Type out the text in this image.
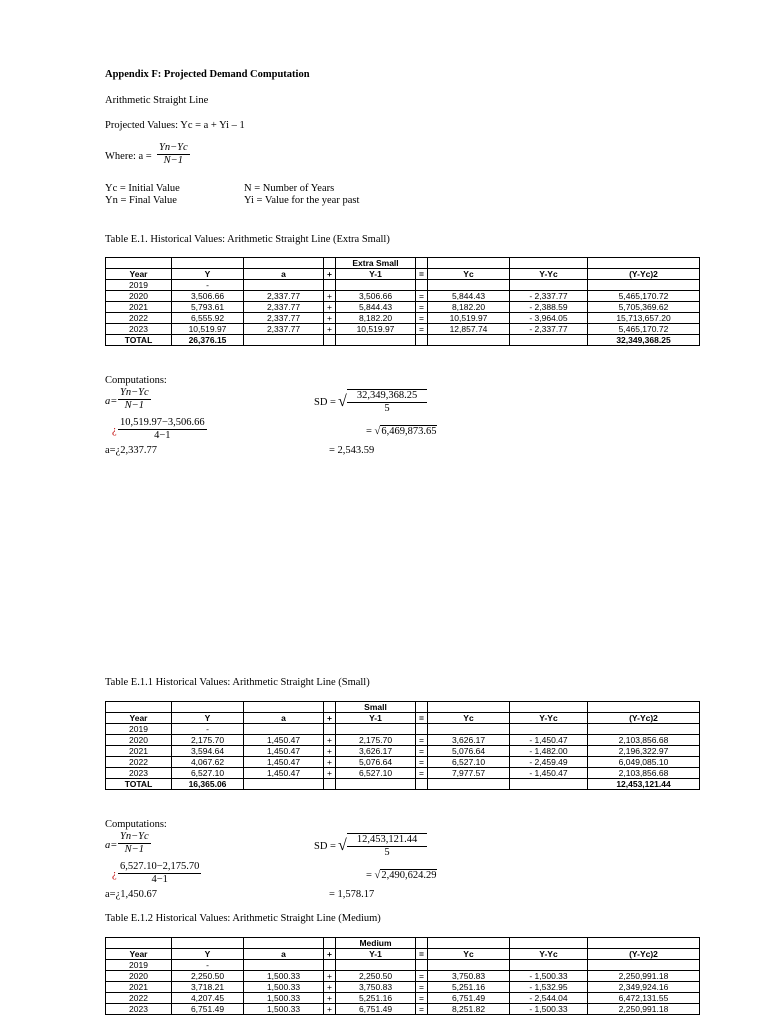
Appendix F: Projected Demand Computation
Arithmetic Straight Line
Projected Values: Yc = a + Yi – 1
Where: $a = \frac{Yn-Yc}{N-1}$
Yc = Initial Value
Yn = Final Value
N = Number of Years
Yi = Value for the year past
Table E.1. Historical Values: Arithmetic Straight Line (Extra Small)
				Extra Small				
Year	Y	a	+	Y-1	=	Yc	Y-Yc	(Y-Yc)2
2019	-							
2020	3,506.66	2,337.77	+	3,506.66	=	5,844.43	- 2,337.77	5,465,170.72
2021	5,793.61	2,337.77	+	5,844.43	=	8,182.20	- 2,388.59	5,705,369.62
2022	6,555.92	2,337.77	+	8,182.20	=	10,519.97	- 3,964.05	15,713,657.20
2023	10,519.97	2,337.77	+	10,519.97	=	12,857.74	- 2,337.77	5,465,170.72
TOTAL	26,376.15							32,349,368.25
Computations:
$a= \frac{Yn-Yc}{N-1}$
¿ $\frac{10,519.97-3,506.66}{4-1}$
a=¿2,337.77
SD = √ 32,349,368.25
5
= √6,469,873.65
= 2,543.59
Table E.1.1 Historical Values: Arithmetic Straight Line (Small)
				Small				
Year	Y	a	+	Y-1	=	Yc	Y-Yc	(Y-Yc)2
2019	-							
2020	2,175.70	1,450.47	+	2,175.70	=	3,626.17	- 1,450.47	2,103,856.68
2021	3,594.64	1,450.47	+	3,626.17	=	5,076.64	- 1,482.00	2,196,322.97
2022	4,067.62	1,450.47	+	5,076.64	=	6,527.10	- 2,459.49	6,049,085.10
2023	6,527.10	1,450.47	+	6,527.10	=	7,977.57	- 1,450.47	2,103,856.68
TOTAL	16,365.06							12,453,121.44
Computations:
$a= \frac{Yn-Yc}{N-1}$
¿ $\frac{6,527.10-2,175.70}{4-1}$
a=¿1,450.67
SD = √ 12,453,121.44
5
= √2,490,624.29
= 1,578.17
Table E.1.2 Historical Values: Arithmetic Straight Line (Medium)
				Medium				
Year	Y	a	+	Y-1	=	Yc	Y-Yc	(Y-Yc)2
2019	-							
2020	2,250.50	1,500.33	+	2,250.50	=	3,750.83	- 1,500.33	2,250,991.18
2021	3,718.21	1,500.33	+	3,750.83	=	5,251.16	- 1,532.95	2,349,924.16
2022	4,207.45	1,500.33	+	5,251.16	=	6,751.49	- 2,544.04	6,472,131.55
2023	6,751.49	1,500.33	+	6,751.49	=	8,251.82	- 1,500.33	2,250,991.18
